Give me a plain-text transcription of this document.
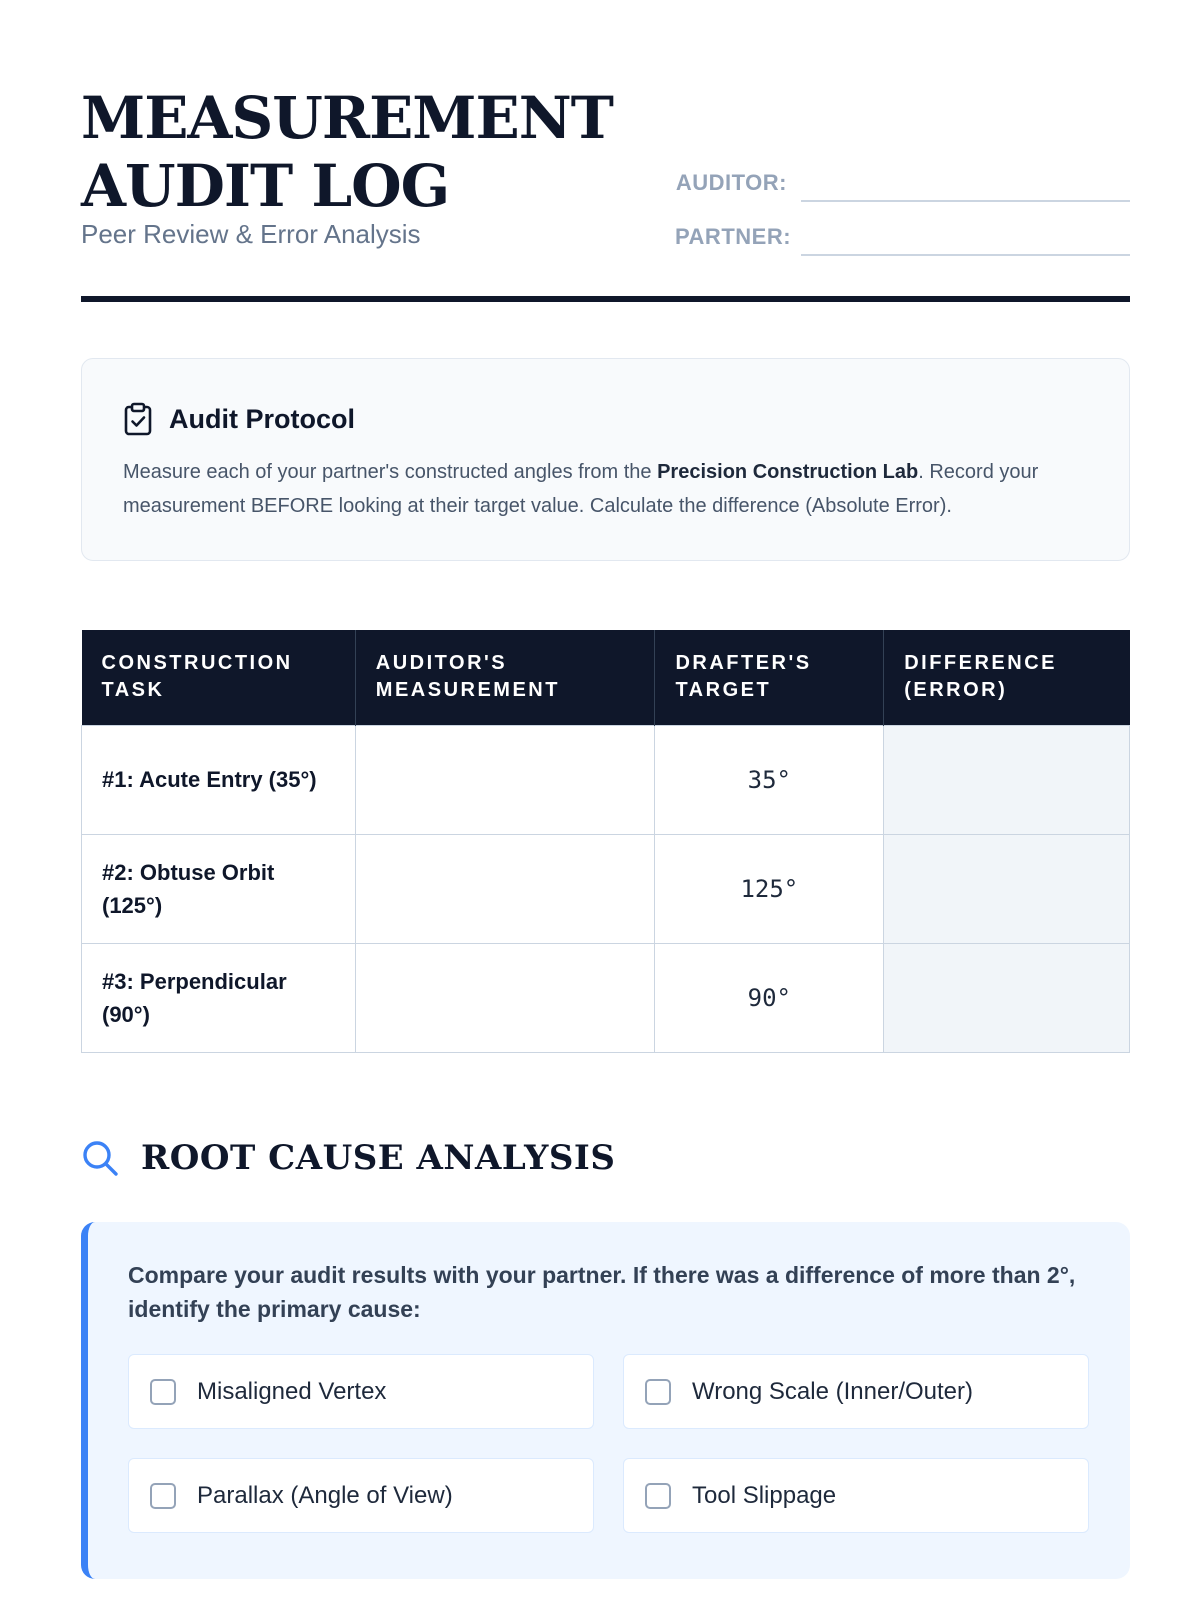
MEASUREMENT
AUDIT LOG
Peer Review & Error Analysis
AUDITOR:
PARTNER:
Audit Protocol
Measure each of your partner's constructed angles from the Precision Construction Lab. Record your measurement BEFORE looking at their target value. Calculate the difference (Absolute Error).
CONSTRUCTION TASK	AUDITOR'S MEASUREMENT	DRAFTER'S TARGET	DIFFERENCE (ERROR)
#1: Acute Entry (35°)		35°	
#2: Obtuse Orbit (125°)		125°	
#3: Perpendicular (90°)		90°	
ROOT CAUSE ANALYSIS
Compare your audit results with your partner. If there was a difference of more than 2°, identify the primary cause:
Misaligned Vertex	Wrong Scale (Inner/Outer)
Parallax (Angle of View)	Tool Slippage
